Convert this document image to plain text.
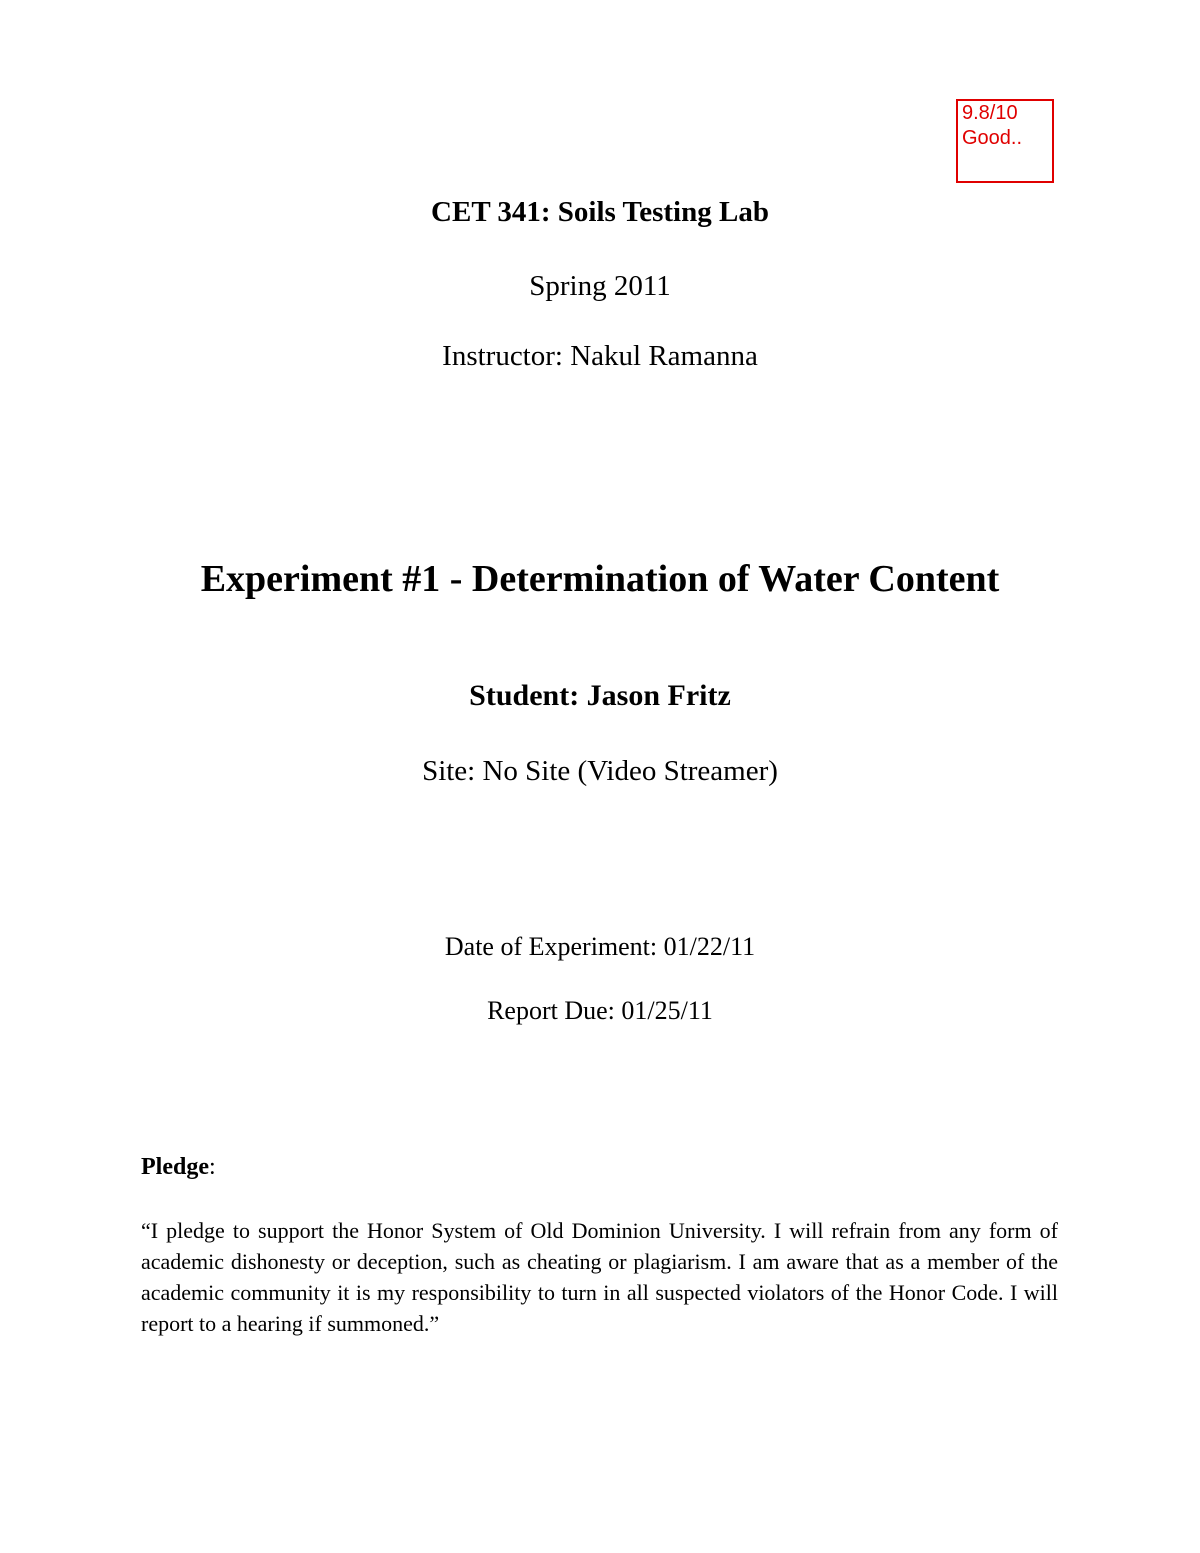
9.8/10
Good..
CET 341: Soils Testing Lab
Spring 2011
Instructor: Nakul Ramanna
Experiment #1 - Determination of Water Content
Student: Jason Fritz
Site: No Site (Video Streamer)
Date of Experiment: 01/22/11
Report Due: 01/25/11
Pledge:

“I pledge to support the Honor System of Old Dominion University. I will refrain from any form of academic dishonesty or deception, such as cheating or plagiarism. I am aware that as a member of the academic community it is my responsibility to turn in all suspected violators of the Honor Code. I will report to a hearing if summoned.”
